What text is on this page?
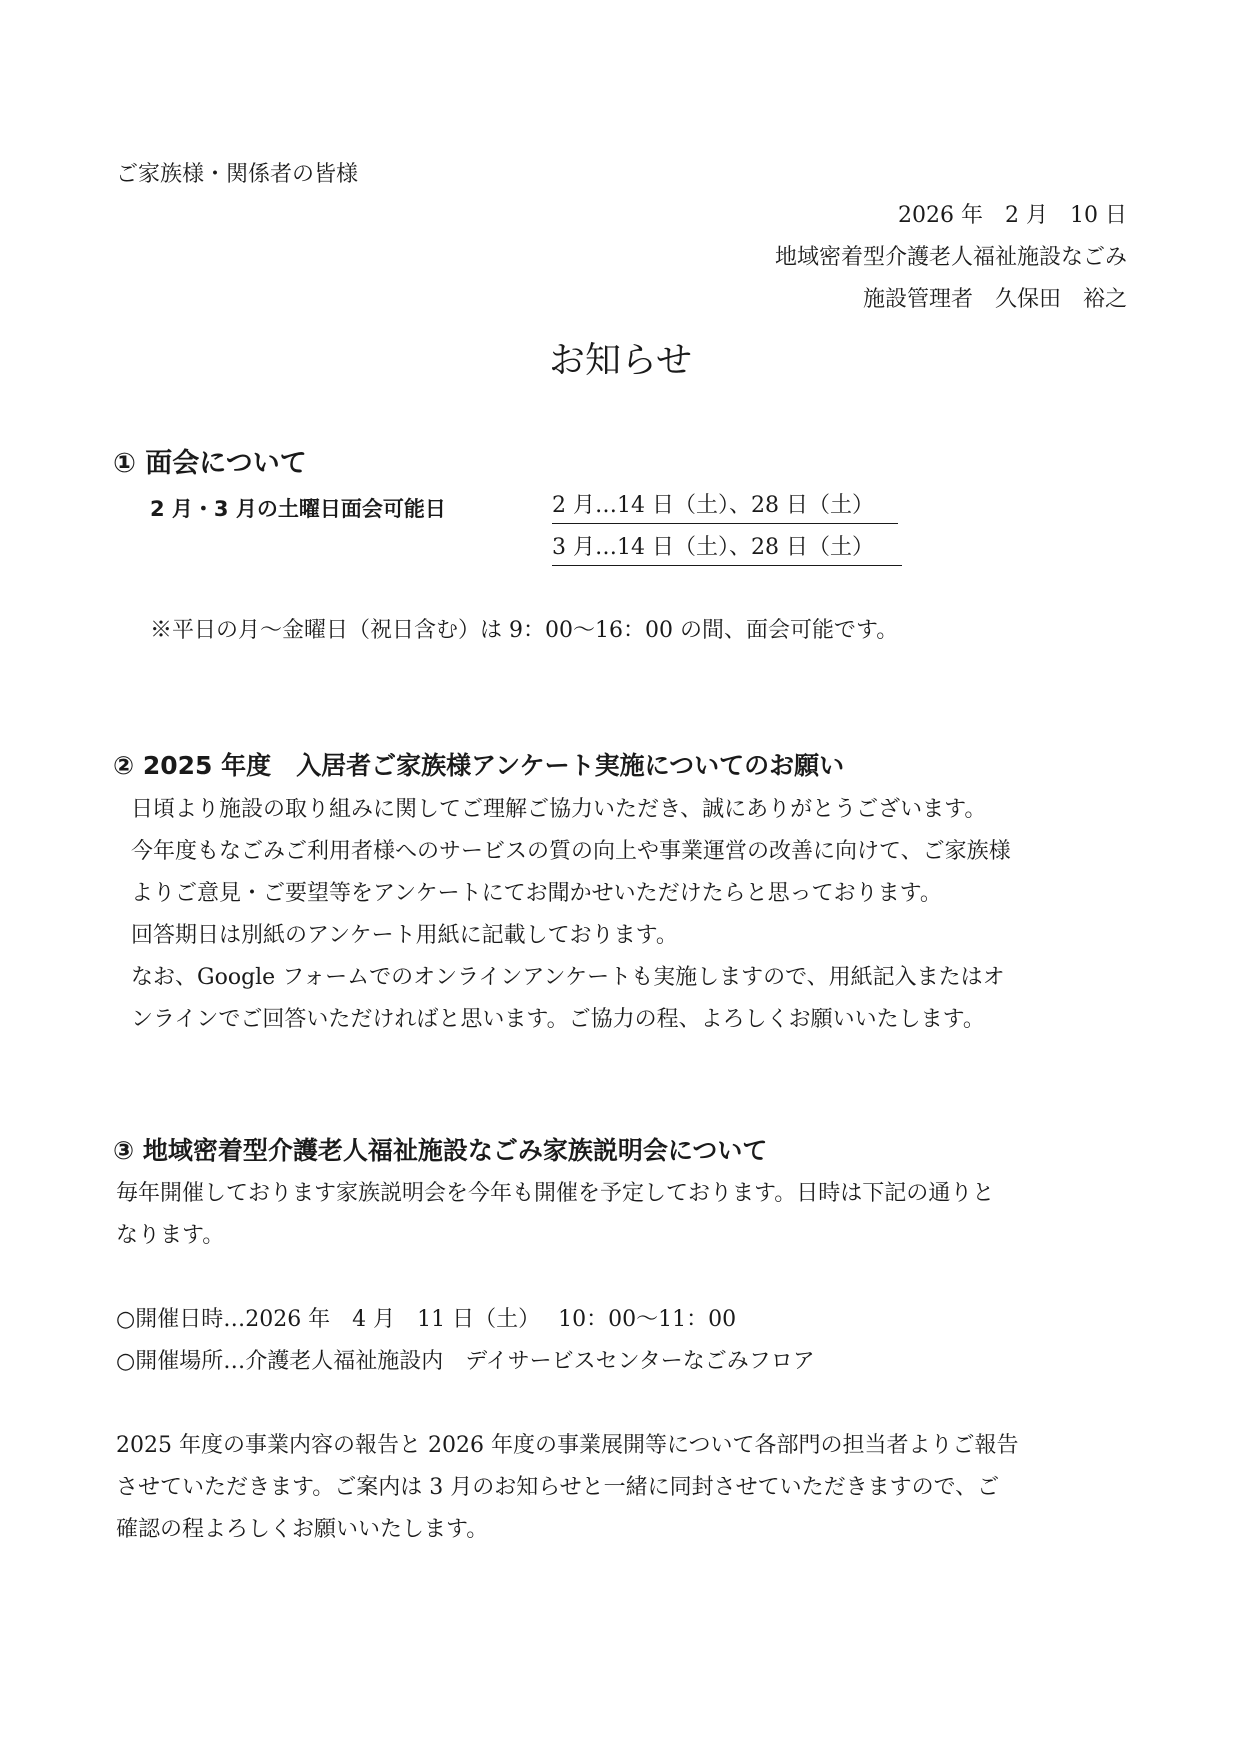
ご家族様・関係者の皆様
2026 年　2 月　10 日
地域密着型介護老人福祉施設なごみ
施設管理者　久保田　裕之
お知らせ
① 面会について
2 月・3 月の土曜日面会可能日	2 月…14 日（土）、28 日（土）
3 月…14 日（土）、28 日（土）
※平日の月〜金曜日（祝日含む）は 9：00〜16：00 の間、面会可能です。
② 2025 年度　入居者ご家族様アンケート実施についてのお願い
日頃より施設の取り組みに関してご理解ご協力いただき、誠にありがとうございます。
今年度もなごみご利用者様へのサービスの質の向上や事業運営の改善に向けて、ご家族様
よりご意見・ご要望等をアンケートにてお聞かせいただけたらと思っております。
回答期日は別紙のアンケート用紙に記載しております。
なお、Google フォームでのオンラインアンケートも実施しますので、用紙記入またはオ
ンラインでご回答いただければと思います。ご協力の程、よろしくお願いいたします。
③ 地域密着型介護老人福祉施設なごみ家族説明会について
毎年開催しております家族説明会を今年も開催を予定しております。日時は下記の通りと
なります。
○開催日時…2026 年　4 月　11 日（土）　 10：00〜11：00
○開催場所…介護老人福祉施設内　デイサービスセンターなごみフロア
2025 年度の事業内容の報告と 2026 年度の事業展開等について各部門の担当者よりご報告
させていただきます。ご案内は 3 月のお知らせと一緒に同封させていただきますので、ご
確認の程よろしくお願いいたします。
